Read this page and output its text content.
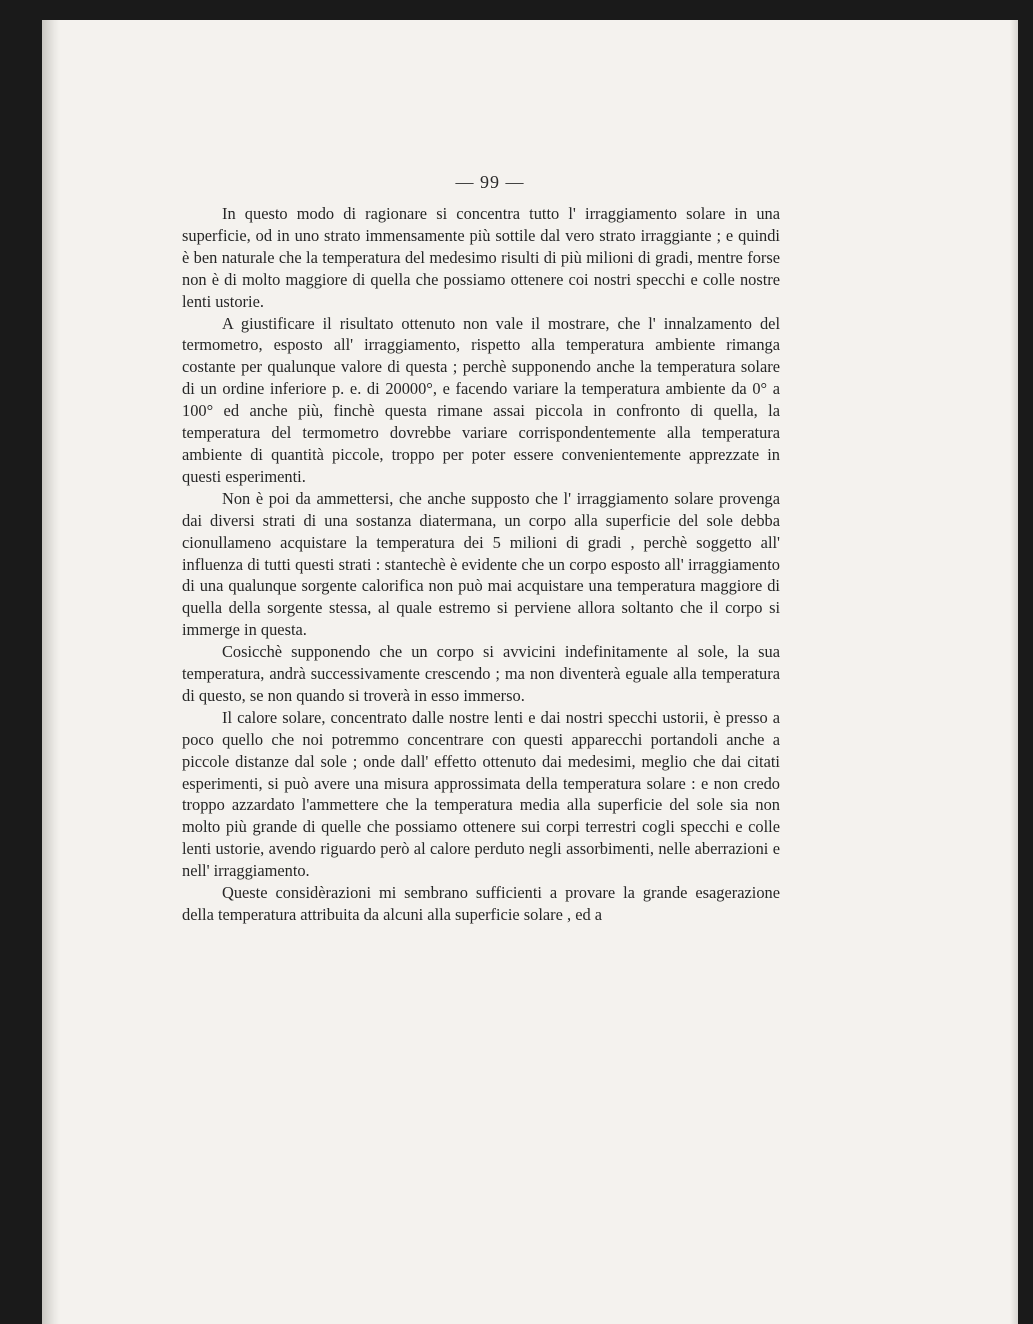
— 99 —

In questo modo di ragionare si concentra tutto l' irraggiamento solare in una superficie, od in uno strato immensamente più sottile dal vero strato irraggiante ; e quindi è ben naturale che la temperatura del medesimo risulti di più milioni di gradi, mentre forse non è di molto maggiore di quella che possiamo ottenere coi nostri specchi e colle nostre lenti ustorie.

A giustificare il risultato ottenuto non vale il mostrare, che l' innalzamento del termometro, esposto all' irraggiamento, rispetto alla temperatura ambiente rimanga costante per qualunque valore di questa ; perchè supponendo anche la temperatura solare di un ordine inferiore p. e. di 20000°, e facendo variare la temperatura ambiente da 0° a 100° ed anche più, finchè questa rimane assai piccola in confronto di quella, la temperatura del termometro dovrebbe variare corrispondentemente alla temperatura ambiente di quantità piccole, troppo per poter essere convenientemente apprezzate in questi esperimenti.

Non è poi da ammettersi, che anche supposto che l' irraggiamento solare provenga dai diversi strati di una sostanza diatermana, un corpo alla superficie del sole debba cionullameno acquistare la temperatura dei 5 milioni di gradi , perchè soggetto all' influenza di tutti questi strati : stantechè è evidente che un corpo esposto all' irraggiamento di una qualunque sorgente calorifica non può mai acquistare una temperatura maggiore di quella della sorgente stessa, al quale estremo si perviene allora soltanto che il corpo si immerge in questa.

Cosicchè supponendo che un corpo si avvicini indefinitamente al sole, la sua temperatura, andrà successivamente crescendo ; ma non diventerà eguale alla temperatura di questo, se non quando si troverà in esso immerso.

Il calore solare, concentrato dalle nostre lenti e dai nostri specchi ustorii, è presso a poco quello che noi potremmo concentrare con questi apparecchi portandoli anche a piccole distanze dal sole ; onde dall' effetto ottenuto dai medesimi, meglio che dai citati esperimenti, si può avere una misura approssimata della temperatura solare : e non credo troppo azzardato l'ammettere che la temperatura media alla superficie del sole sia non molto più grande di quelle che possiamo ottenere sui corpi terrestri cogli specchi e colle lenti ustorie, avendo riguardo però al calore perduto negli assorbimenti, nelle aberrazioni e nell' irraggiamento.

Queste considèrazioni mi sembrano sufficienti a provare la grande esagerazione della temperatura attribuita da alcuni alla superficie solare , ed a
